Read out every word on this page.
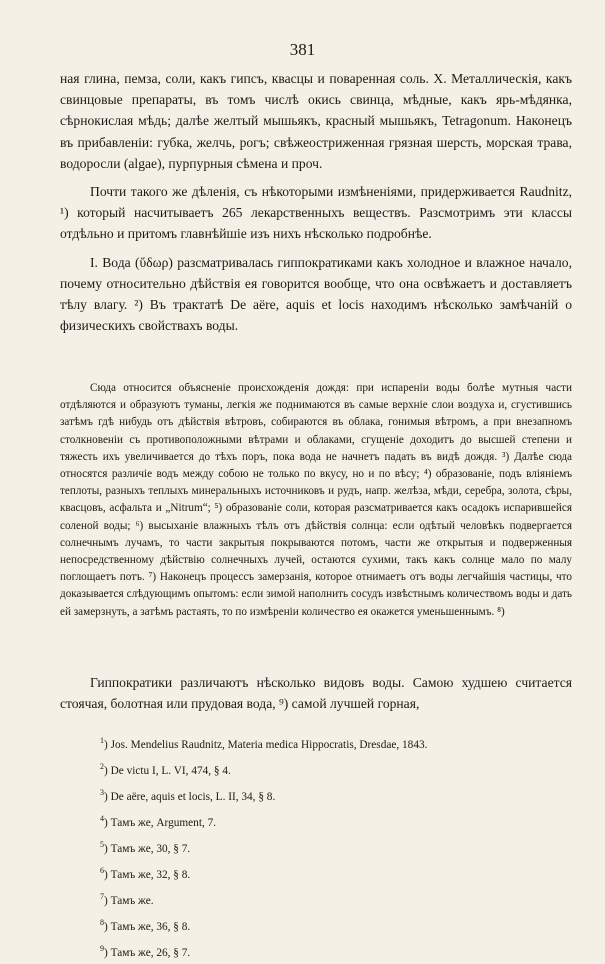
381

ная глина, пемза, соли, какъ гипсъ, квасцы и поваренная соль. X. Металлическія, какъ свинцовые препараты, въ томъ числѣ окись свинца, мѣдные, какъ ярь-мѣдянка, сѣрнокислая мѣдь; далѣе желтый мышьякъ, красный мышьякъ, Tetragonum. Наконецъ въ прибавленіи: губка, желчь, рогъ; свѣжеостриженная грязная шерсть, морская трава, водоросли (algae), пурпурныя сѣмена и проч.

Почти такого же дѣленія, съ нѣкоторыми измѣненіями, придерживается Raudnitz, ¹) который насчитываетъ 265 лекарственныхъ веществъ. Разсмотримъ эти классы отдѣльно и притомъ главнѣйшіе изъ нихъ нѣсколько подробнѣе.

I. Вода (ὕδωρ) разсматривалась гиппократиками какъ холодное и влажное начало, почему относительно дѣйствія ея говорится вообще, что она освѣжаетъ и доставляетъ тѣлу влагу. ²) Въ трактатѣ De aëre, aquis et locis находимъ нѣсколько замѣчаній о физическихъ свойствахъ воды.

Сюда относится объясненіе происхожденія дождя: при испареніи воды болѣе мутныя части отдѣляются и образуютъ туманы, легкія же поднимаются въ самые верхніе слои воздуха и, сгустившись затѣмъ гдѣ нибудь отъ дѣйствія вѣтровъ, собираются въ облака, гонимыя вѣтромъ, а при внезапномъ столкновеніи съ противоположными вѣтрами и облаками, сгущеніе доходитъ до высшей степени и тяжесть ихъ увеличивается до тѣхъ поръ, пока вода не начнетъ падать въ видѣ дождя. ³) Далѣе сюда относятся различіе водъ между собою не только по вкусу, но и по вѣсу; ⁴) образованіе, подъ вліяніемъ теплоты, разныхъ теплыхъ минеральныхъ источниковъ и рудъ, напр. желѣза, мѣди, серебра, золота, сѣры, квасцовъ, асфальта и „Nitrum“; ⁵) образованіе соли, которая разсматривается какъ осадокъ испарившейся соленой воды; ⁶) высыханіе влажныхъ тѣлъ отъ дѣйствія солнца: если одѣтый человѣкъ подвергается солнечнымъ лучамъ, то части закрытыя покрываются потомъ, части же открытыя и подверженныя непосредственному дѣйствію солнечныхъ лучей, остаются сухими, такъ какъ солнце мало по малу поглощаетъ потъ. ⁷) Наконецъ процессъ замерзанія, которое отнимаетъ отъ воды легчайшія частицы, что доказывается слѣдующимъ опытомъ: если зимой наполнить сосудъ извѣстнымъ количествомъ воды и дать ей замерзнуть, а затѣмъ растаять, то по измѣреніи количество ея окажется уменьшеннымъ. ⁸)

Гиппократики различаютъ нѣсколько видовъ воды. Самою худшею считается стоячая, болотная или прудовая вода, ⁹) самой лучшей горная,

$^1$) Jos. Mendelius Raudnitz, Materia medica Hippocratis, Dresdae, 1843.
$^2$) De victu I, L. VI, 474, § 4.
$^3$) De aëre, aquis et locis, L. II, 34, § 8.
$^4$) Тамъ же, Argument, 7.
$^5$) Тамъ же, 30, § 7.
$^6$) Тамъ же, 32, § 8.
$^7$) Тамъ же.
$^8$) Тамъ же, 36, § 8.
$^9$) Тамъ же, 26, § 7.
